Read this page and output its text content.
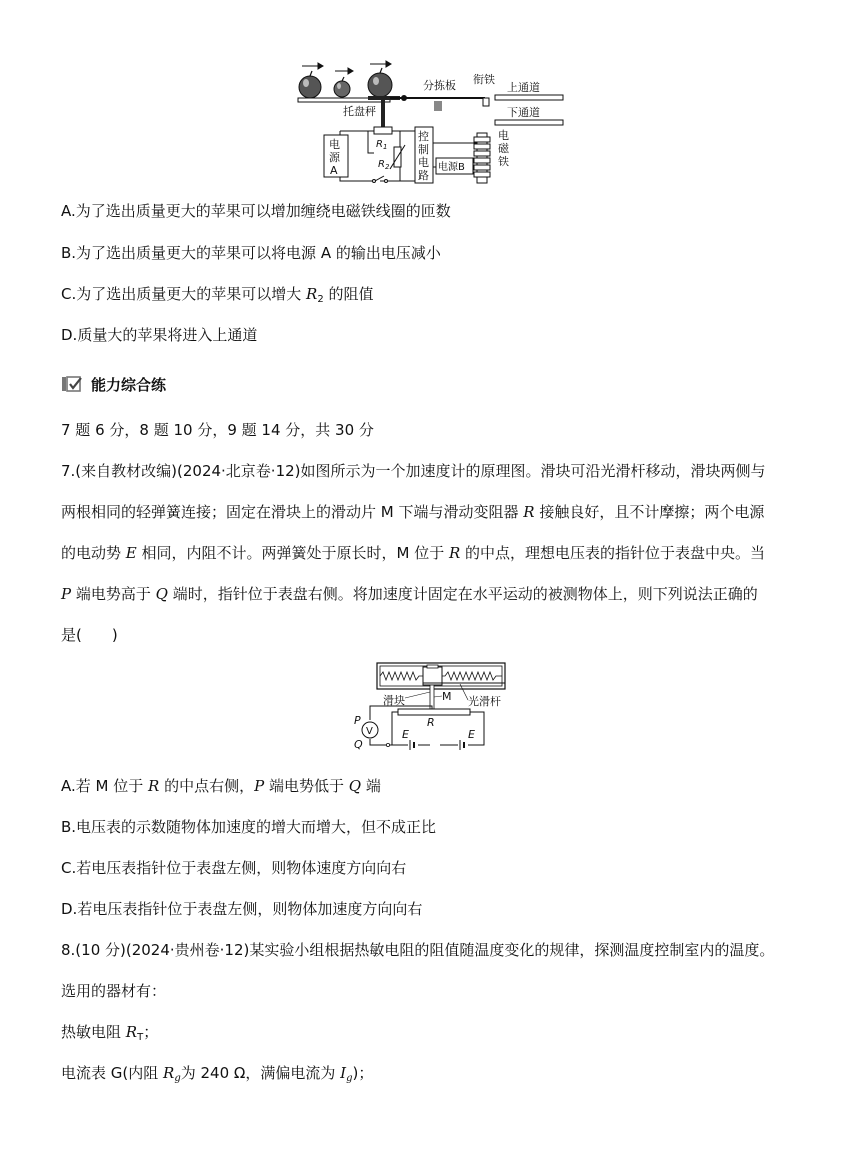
分拣板 衔铁
上通道
下通道
托盘秤
电
源
A
$R_1$
$R_2$
控
制
电
路
电源B
电
磁
铁
A.为了选出质量更大的苹果可以增加缠绕电磁铁线圈的匝数
B.为了选出质量更大的苹果可以将电源 A 的输出电压减小
C.为了选出质量更大的苹果可以增大 $R_2$ 的阻值
D.质量大的苹果将进入上通道
能力综合练
7 题 6 分，8 题 10 分，9 题 14 分，共 30 分
7.(来自教材改编)(2024·北京卷·12)如图所示为一个加速度计的原理图。滑块可沿光滑杆移动，滑块两侧与
两根相同的轻弹簧连接；固定在滑块上的滑动片 M 下端与滑动变阻器 R 接触良好，且不计摩擦；两个电源
的电动势 E 相同，内阻不计。两弹簧处于原长时，M 位于 R 的中点，理想电压表的指针位于表盘中央。当
P 端电势高于 Q 端时，指针位于表盘右侧。将加速度计固定在水平运动的被测物体上，则下列说法正确的
是(　　)
滑块	M 光滑杆
R
V
P
Q
E	E
A.若 M 位于 R 的中点右侧，P 端电势低于 Q 端
B.电压表的示数随物体加速度的增大而增大，但不成正比
C.若电压表指针位于表盘左侧，则物体速度方向向右
D.若电压表指针位于表盘左侧，则物体加速度方向向右
8.(10 分)(2024·贵州卷·12)某实验小组根据热敏电阻的阻值随温度变化的规律，探测温度控制室内的温度。
选用的器材有：
热敏电阻 $R_T$；
电流表 G(内阻 $R_g$为 240 Ω，满偏电流为 $I_g$)；
